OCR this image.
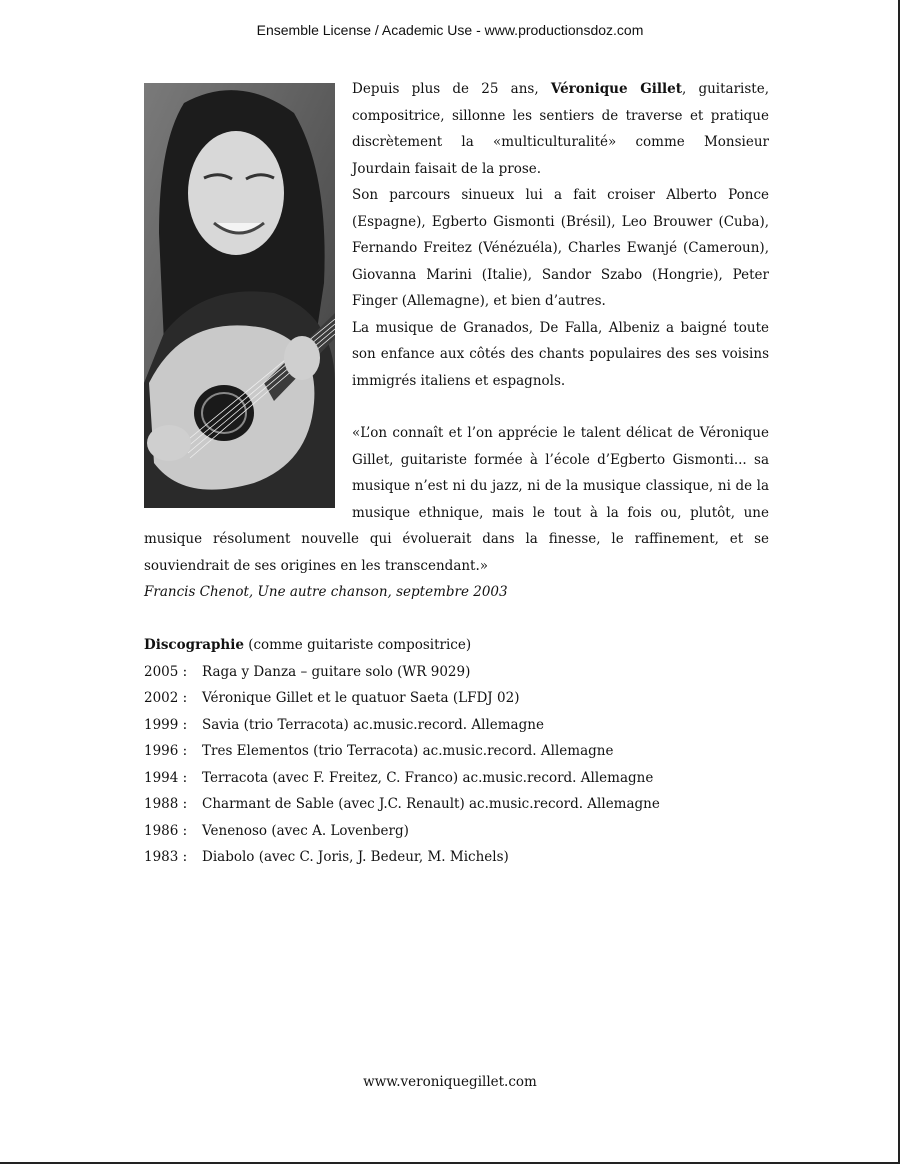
Ensemble License / Academic Use - www.productionsdoz.com

Depuis plus de 25 ans, Véronique Gillet, guitariste, compositrice, sillonne les sentiers de traverse et pratique discrètement la «multiculturalité» comme Monsieur Jourdain faisait de la prose.

Son parcours sinueux lui a fait croiser Alberto Ponce (Espagne), Egberto Gismonti (Brésil), Leo Brouwer (Cuba), Fernando Freitez (Vénézuéla), Charles Ewanjé (Cameroun), Giovanna Marini (Italie), Sandor Szabo (Hongrie), Peter Finger (Allemagne), et bien d’autres.

La musique de Granados, De Falla, Albeniz a baigné toute son enfance aux côtés des chants populaires des ses voisins immigrés italiens et espagnols.

«L’on connaît et l’on apprécie le talent délicat de Véronique Gillet, guitariste formée à l’école d’Egberto Gismonti... sa musique n’est ni du jazz, ni de la musique classique, ni de la musique ethnique, mais le tout à la fois ou, plutôt, une musique résolument nouvelle qui évoluerait dans la finesse, le raffinement, et se souviendrait de ses origines en les transcendant.»

Francis Chenot, Une autre chanson, septembre 2003

Discographie (comme guitariste compositrice)
2005 :	Raga y Danza – guitare solo (WR 9029)
2002 :	Véronique Gillet et le quatuor Saeta (LFDJ 02)
1999 :	Savia (trio Terracota) ac.music.record. Allemagne
1996 :	Tres Elementos (trio Terracota) ac.music.record. Allemagne
1994 :	Terracota (avec F. Freitez, C. Franco) ac.music.record. Allemagne
1988 :	Charmant de Sable (avec J.C. Renault) ac.music.record. Allemagne
1986 :	Venenoso (avec A. Lovenberg)
1983 :	Diabolo (avec C. Joris, J. Bedeur, M. Michels)
www.veroniquegillet.com
